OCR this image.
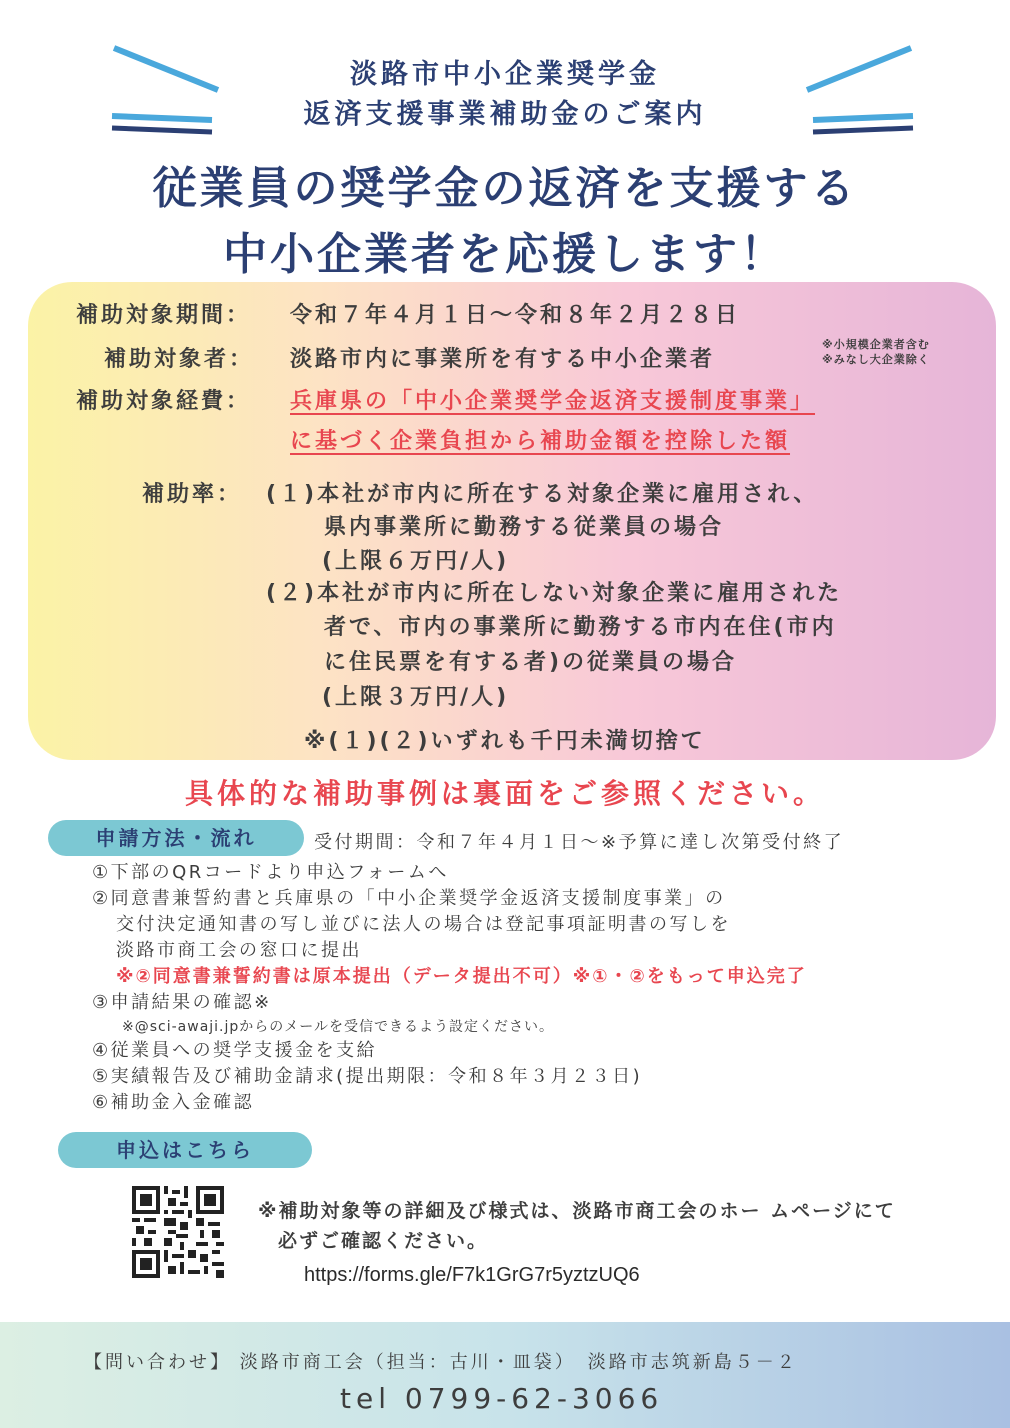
淡路市中小企業奨学金
返済支援事業補助金のご案内
従業員の奨学金の返済を支援する
中小企業者を応援します！
補助対象期間： 令和７年４月１日～令和８年２月２８日
補助対象者： 淡路市内に事業所を有する中小企業者
※小規模企業者含む
※みなし大企業除く
補助対象経費： 兵庫県の「中小企業奨学金返済支援制度事業」
に基づく企業負担から補助金額を控除した額
補助率： (１)本社が市内に所在する対象企業に雇用され、
県内事業所に勤務する従業員の場合
(上限６万円/人)
(２)本社が市内に所在しない対象企業に雇用された
者で、市内の事業所に勤務する市内在住(市内
に住民票を有する者)の従業員の場合
(上限３万円/人)
※(１)(２)いずれも千円未満切捨て
具体的な補助事例は裏面をご参照ください。
申請方法・流れ	受付期間：令和７年４月１日～※予算に達し次第受付終了
①下部のQRコードより申込フォームへ
②同意書兼誓約書と兵庫県の「中小企業奨学金返済支援制度事業」の
交付決定通知書の写し並びに法人の場合は登記事項証明書の写しを
淡路市商工会の窓口に提出
※②同意書兼誓約書は原本提出（データ提出不可）※①・②をもって申込完了
③申請結果の確認※
※@sci-awaji.jpからのメールを受信できるよう設定ください。
④従業員への奨学支援金を支給
⑤実績報告及び補助金請求(提出期限：令和８年３月２３日)
⑥補助金入金確認
申込はこちら
※補助対象等の詳細及び様式は、淡路市商工会のホー ムページにて
必ずご確認ください。
https://forms.gle/F7k1GrG7r5yztzUQ6
【問い合わせ】 淡路市商工会（担当：古川・皿袋）　淡路市志筑新島５－２
tel 0799-62-3066
